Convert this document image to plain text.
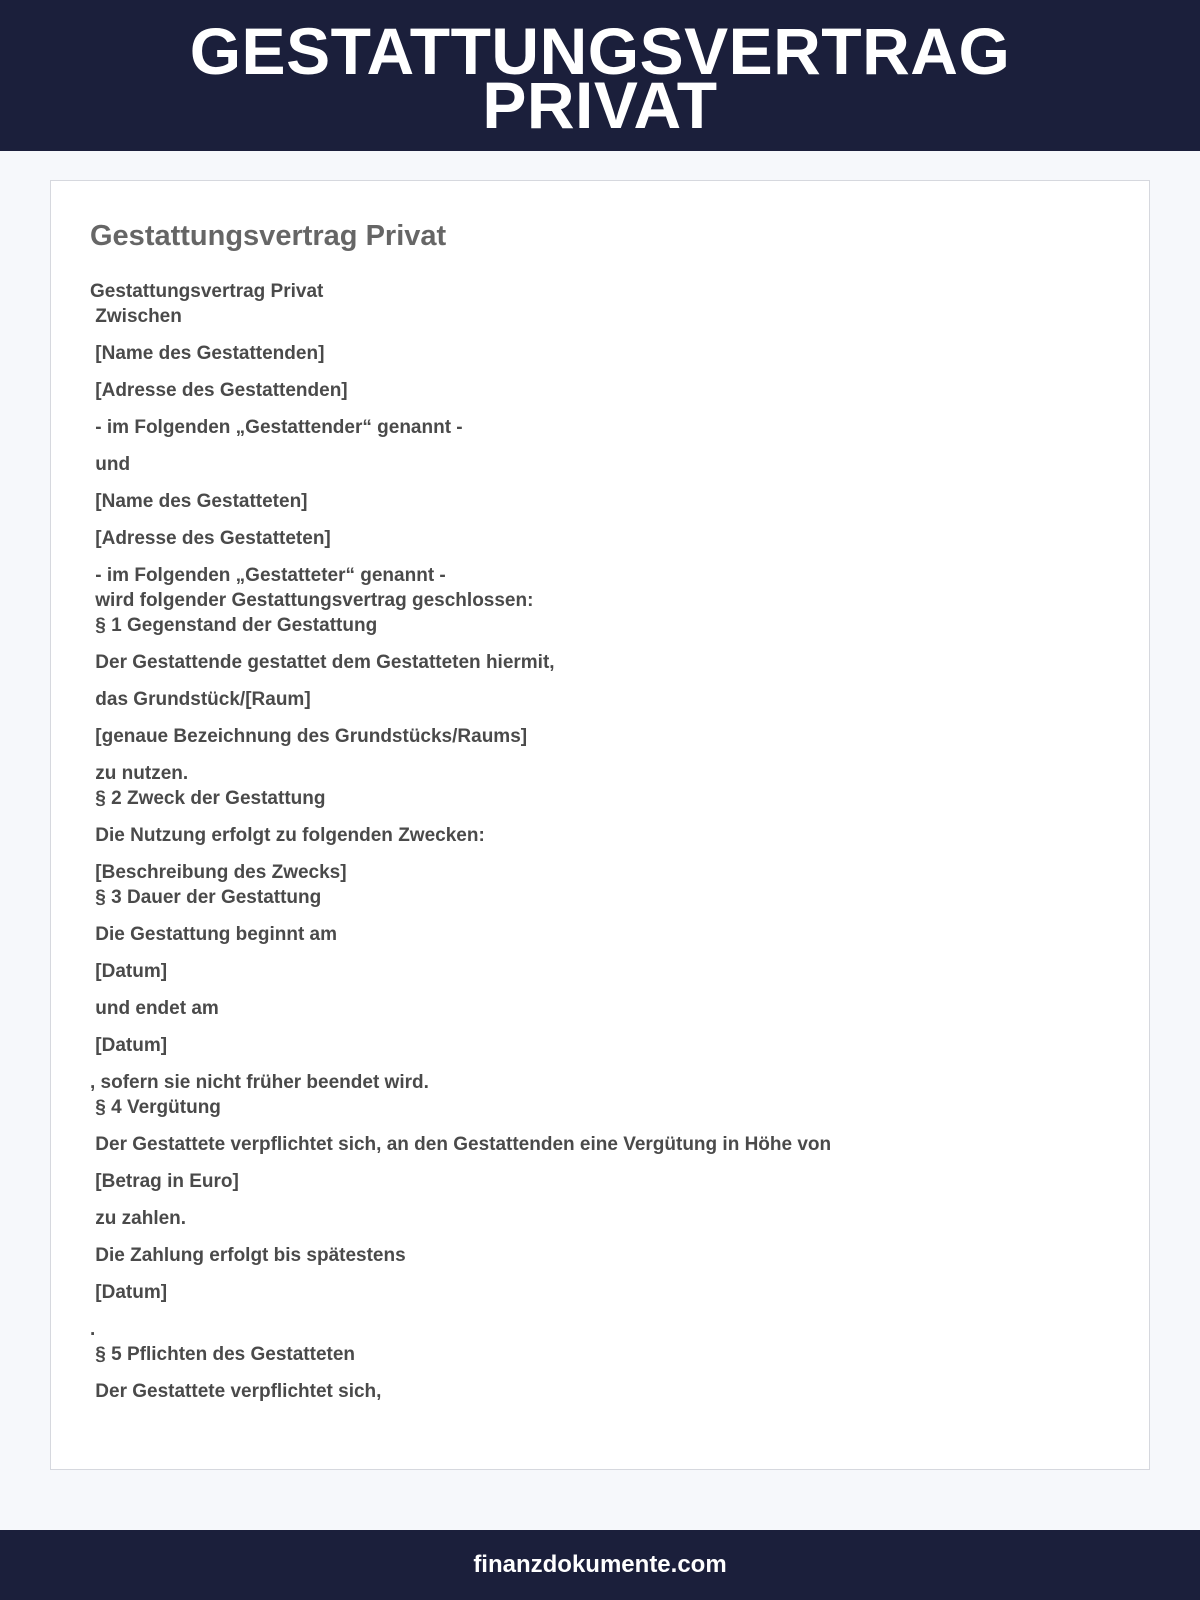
GESTATTUNGSVERTRAG
PRIVAT
Gestattungsvertrag Privat
Gestattungsvertrag Privat
Zwischen
[Name des Gestattenden]
[Adresse des Gestattenden]
- im Folgenden „Gestattender“ genannt -
und
[Name des Gestatteten]
[Adresse des Gestatteten]
- im Folgenden „Gestatteter“ genannt -
wird folgender Gestattungsvertrag geschlossen:
§ 1 Gegenstand der Gestattung
Der Gestattende gestattet dem Gestatteten hiermit,
das Grundstück/[Raum]
[genaue Bezeichnung des Grundstücks/Raums]
zu nutzen.
§ 2 Zweck der Gestattung
Die Nutzung erfolgt zu folgenden Zwecken:
[Beschreibung des Zwecks]
§ 3 Dauer der Gestattung
Die Gestattung beginnt am
[Datum]
und endet am
[Datum]
, sofern sie nicht früher beendet wird.
§ 4 Vergütung
Der Gestattete verpflichtet sich, an den Gestattenden eine Vergütung in Höhe von
[Betrag in Euro]
zu zahlen.
Die Zahlung erfolgt bis spätestens
[Datum]
.
§ 5 Pflichten des Gestatteten
Der Gestattete verpflichtet sich,
finanzdokumente.com
